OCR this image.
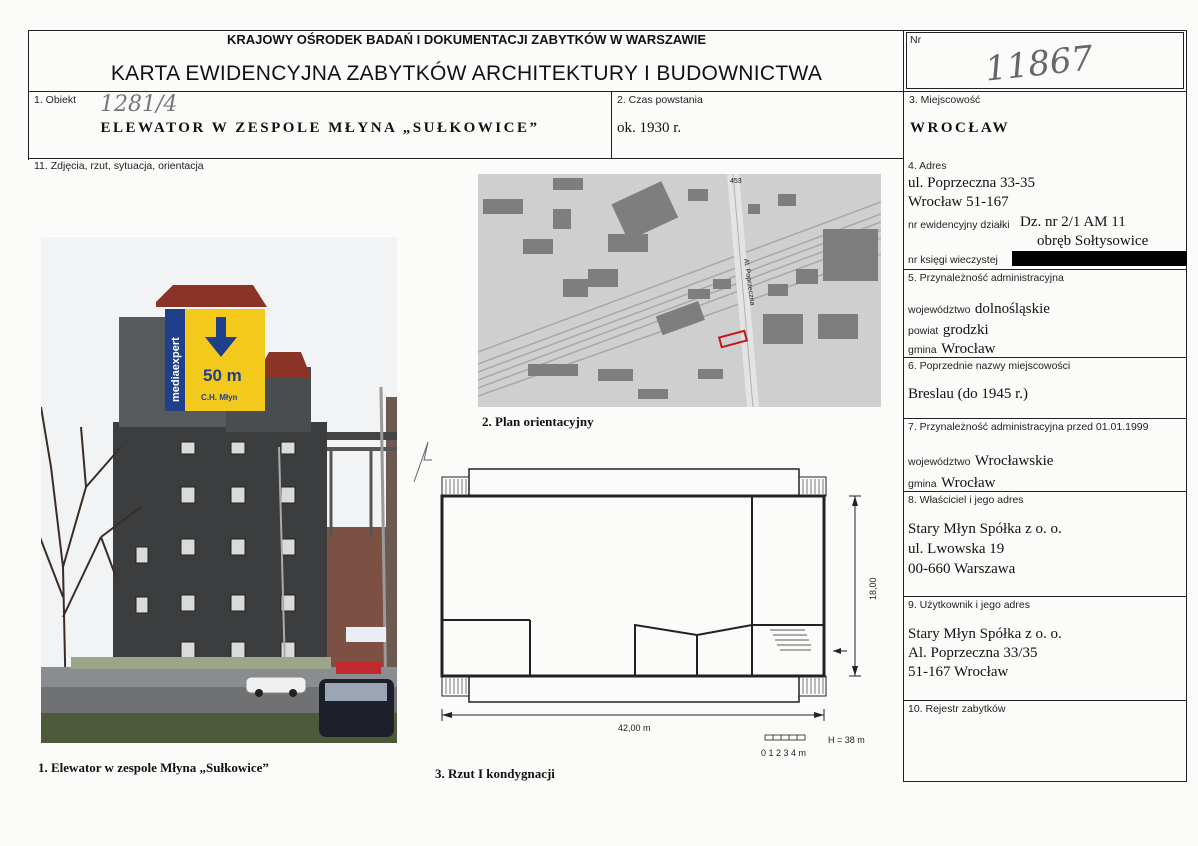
KRAJOWY OŚRODEK BADAŃ I DOKUMENTACJI ZABYTKÓW W WARSZAWIE
KARTA EWIDENCYJNA ZABYTKÓW ARCHITEKTURY I BUDOWNICTWA
Nr 11867
1. Obiekt 1281/4
ELEWATOR W ZESPOLE MŁYNA „SUŁKOWICE”
2. Czas powstania
ok. 1930 r.
3. Miejscowość
WROCŁAW
11. Zdjęcia, rzut, sytuacja, orientacja	4. Adres
ul. Poprzeczna 33-35
Wrocław 51-167
nr ewidencyjny działki Dz. nr 2/1 AM 11
obręb Sołtysowice
nr księgi wieczystej
5. Przynależność administracyjna
województwo dolnośląskie
powiat grodzki
gmina Wrocław
6. Poprzednie nazwy miejscowości
Breslau (do 1945 r.)
7. Przynależność administracyjna przed 01.01.1999
województwo Wrocławskie
gmina Wrocław
8. Właściciel i jego adres
Stary Młyn Spółka z o. o.
ul. Lwowska 19
00-660 Warszawa
9. Użytkownik i jego adres
Stary Młyn Spółka z o. o.
Al. Poprzeczna 33/35
51-167 Wrocław
10. Rejestr zabytków
mediaexpert 50 m
C.H. Młyn
1. Elewator w zespole Młyna „Sułkowice”
Al. Poprzeczna
453
2. Plan orientacyjny
42,00 m
18,00
H = 38 m
0 1 2 3 4 m
3. Rzut I kondygnacji
